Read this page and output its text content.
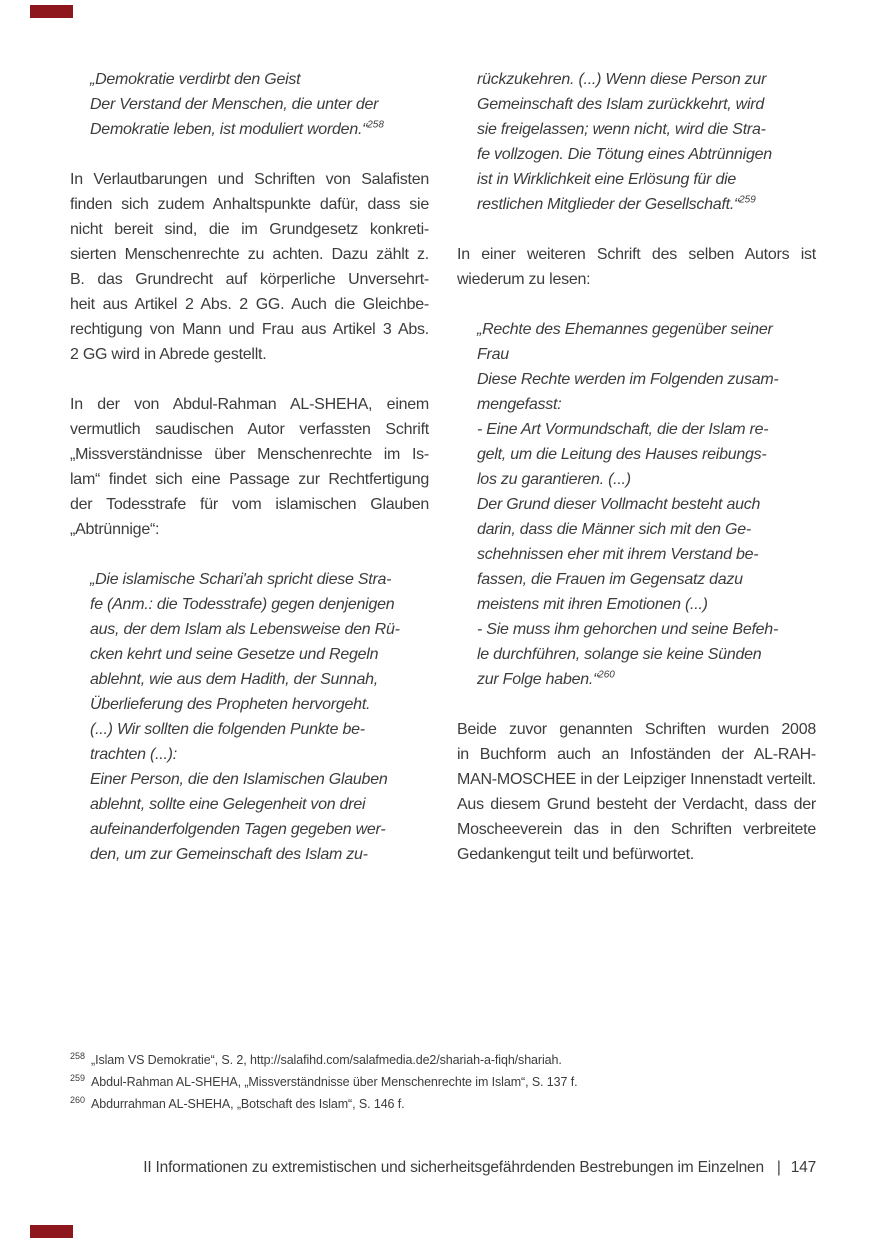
„Demokratie verdirbt den Geist
Der Verstand der Menschen, die unter der
Demokratie leben, ist moduliert worden.“$^{258}$
In Verlautbarungen und Schriften von Salafisten
finden sich zudem Anhaltspunkte dafür, dass sie
nicht bereit sind, die im Grundgesetz konkreti-
sierten Menschenrechte zu achten. Dazu zählt z.
B. das Grundrecht auf körperliche Unversehrt-
heit aus Artikel 2 Abs. 2 GG. Auch die Gleichbe-
rechtigung von Mann und Frau aus Artikel 3 Abs.
2 GG wird in Abrede gestellt.
In der von Abdul-Rahman AL-SHEHA, einem
vermutlich saudischen Autor verfassten Schrift
„Missverständnisse über Menschenrechte im Is-
lam“ findet sich eine Passage zur Rechtfertigung
der Todesstrafe für vom islamischen Glauben
„Abtrünnige“:
„Die islamische Schari'ah spricht diese Stra-
fe (Anm.: die Todesstrafe) gegen denjenigen
aus, der dem Islam als Lebensweise den Rü-
cken kehrt und seine Gesetze und Regeln
ablehnt, wie aus dem Hadith, der Sunnah,
Überlieferung des Propheten hervorgeht.
(...) Wir sollten die folgenden Punkte be-
trachten (...):
Einer Person, die den Islamischen Glauben
ablehnt, sollte eine Gelegenheit von drei
aufeinanderfolgenden Tagen gegeben wer-
den, um zur Gemeinschaft des Islam zu-
rückzukehren. (...) Wenn diese Person zur
Gemeinschaft des Islam zurückkehrt, wird
sie freigelassen; wenn nicht, wird die Stra-
fe vollzogen. Die Tötung eines Abtrünnigen
ist in Wirklichkeit eine Erlösung für die
restlichen Mitglieder der Gesellschaft.“$^{259}$
In einer weiteren Schrift des selben Autors ist
wiederum zu lesen:
„Rechte des Ehemannes gegenüber seiner
Frau
Diese Rechte werden im Folgenden zusam-
mengefasst:
- Eine Art Vormundschaft, die der Islam re-
gelt, um die Leitung des Hauses reibungs-
los zu garantieren. (...)
Der Grund dieser Vollmacht besteht auch
darin, dass die Männer sich mit den Ge-
schehnissen eher mit ihrem Verstand be-
fassen, die Frauen im Gegensatz dazu
meistens mit ihren Emotionen (...)
- Sie muss ihm gehorchen und seine Befeh-
le durchführen, solange sie keine Sünden
zur Folge haben.“$^{260}$
Beide zuvor genannten Schriften wurden 2008
in Buchform auch an Infoständen der AL-RAH-
MAN-MOSCHEE in der Leipziger Innenstadt verteilt.
Aus diesem Grund besteht der Verdacht, dass der
Moscheeverein das in den Schriften verbreitete
Gedankengut teilt und befürwortet.
$^{258}$ „Islam VS Demokratie“, S. 2, http://salafihd.com/salafmedia.de2/shariah-a-fiqh/shariah.
$^{259}$ Abdul-Rahman AL-SHEHA, „Missverständnisse über Menschenrechte im Islam“, S. 137 f.
$^{260}$ Abdurrahman AL-SHEHA, „Botschaft des Islam“, S. 146 f.
II Informationen zu extremistischen und sicherheitsgefährdenden Bestrebungen im Einzelnen | 147
